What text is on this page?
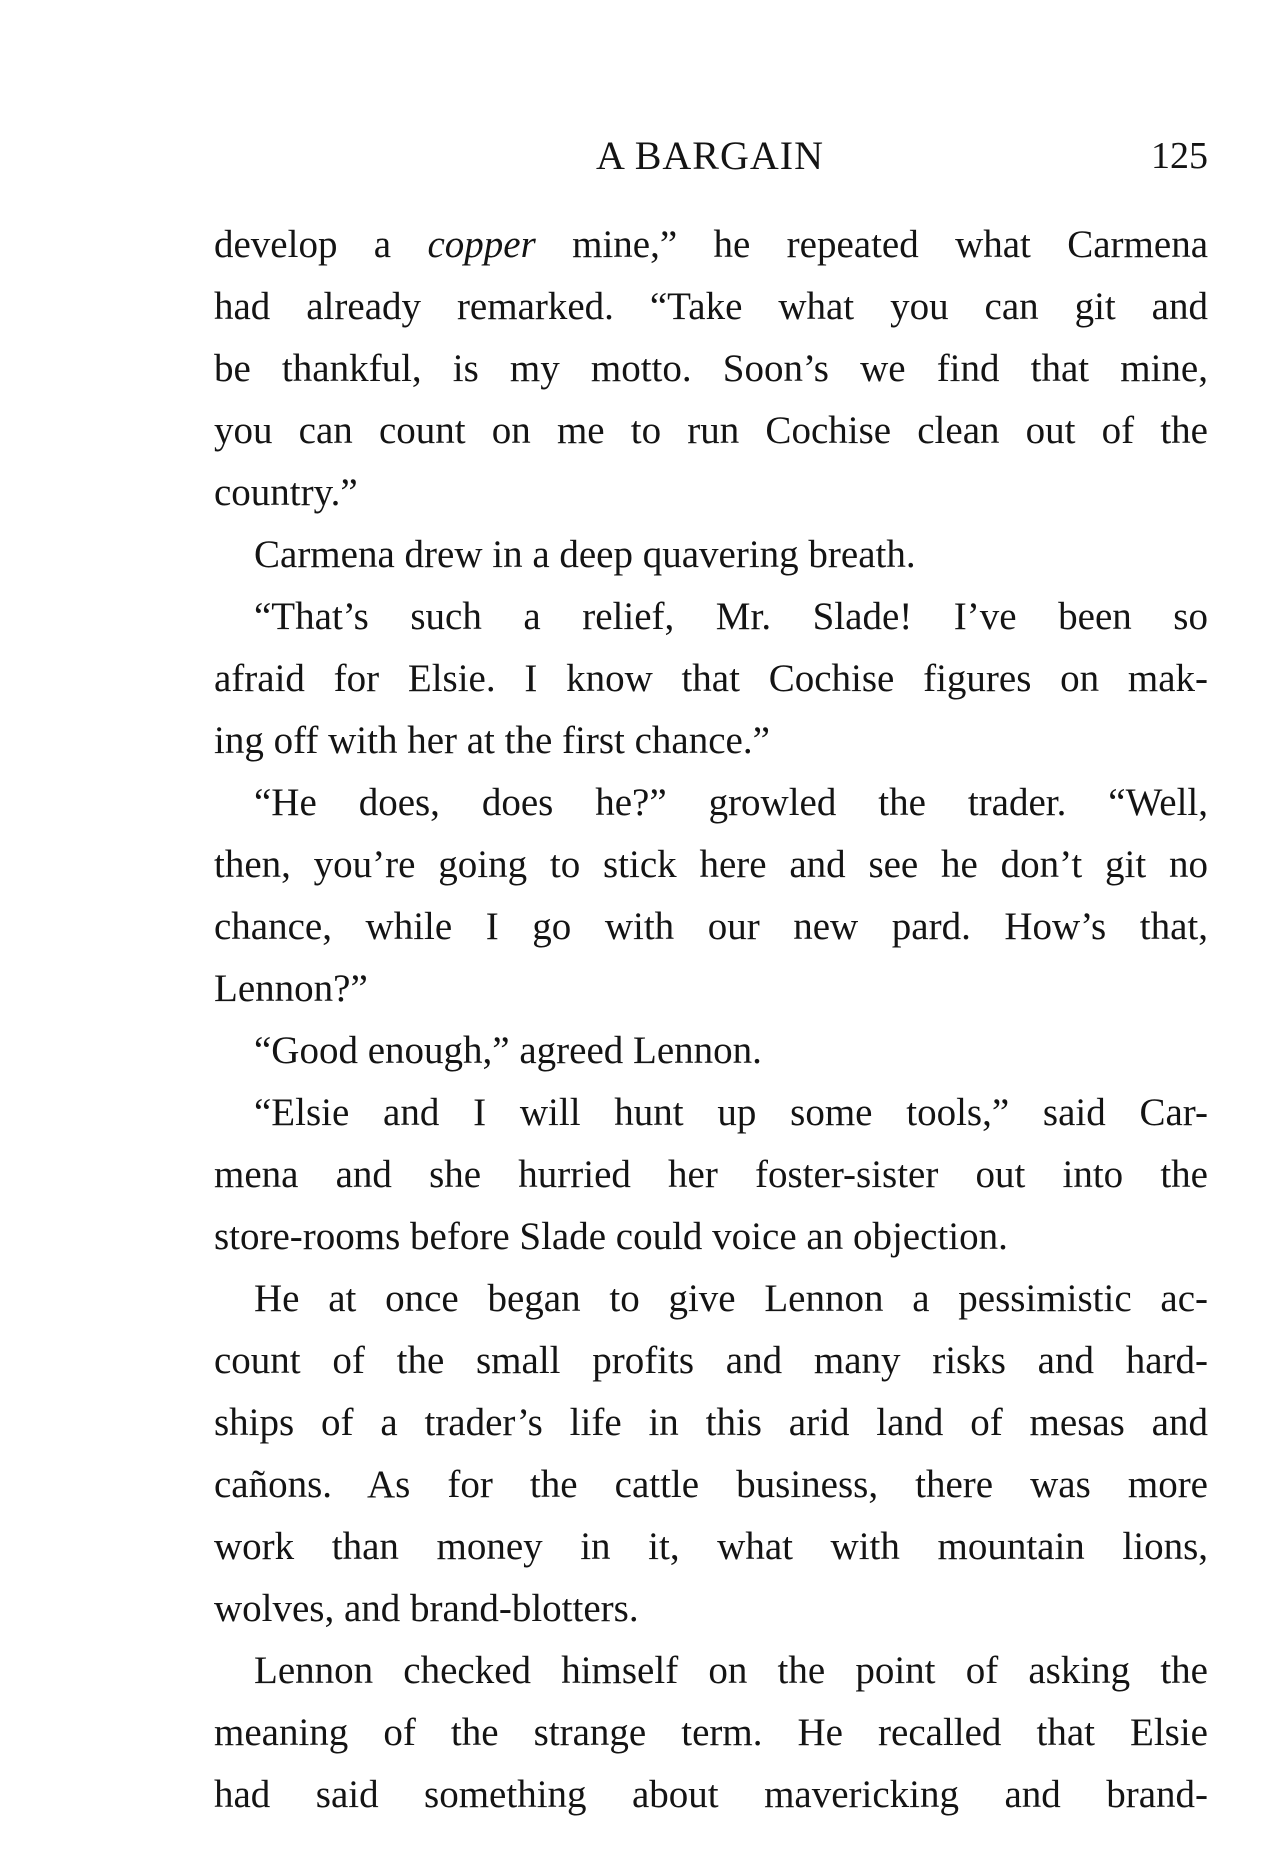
A BARGAIN	125

develop a copper mine,” he repeated what Carmena
had already remarked. “Take what you can git and
be thankful, is my motto. Soon’s we find that mine,
you can count on me to run Cochise clean out of the
country.”

Carmena drew in a deep quavering breath.

“That’s such a relief, Mr. Slade! I’ve been so
afraid for Elsie. I know that Cochise figures on mak-
ing off with her at the first chance.”

“He does, does he?” growled the trader. “Well,
then, you’re going to stick here and see he don’t git no
chance, while I go with our new pard. How’s that,
Lennon?”

“Good enough,” agreed Lennon.

“Elsie and I will hunt up some tools,” said Car-
mena and she hurried her foster-sister out into the
store-rooms before Slade could voice an objection.

He at once began to give Lennon a pessimistic ac-
count of the small profits and many risks and hard-
ships of a trader’s life in this arid land of mesas and
cañons. As for the cattle business, there was more
work than money in it, what with mountain lions,
wolves, and brand-blotters.

Lennon checked himself on the point of asking the
meaning of the strange term. He recalled that Elsie
had said something about mavericking and brand-
